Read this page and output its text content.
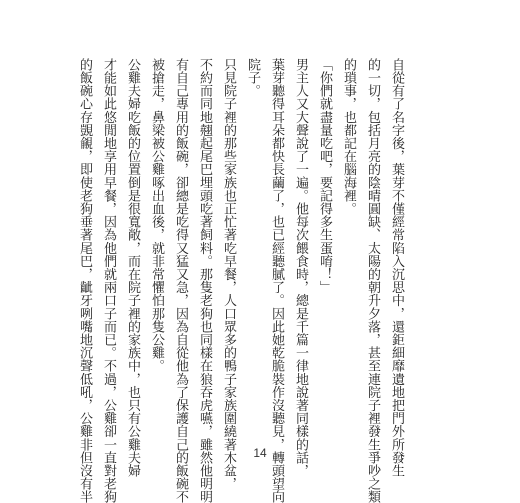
自從有了名字後，葉芽不僅經常陷入沉思中，還鉅細靡遺地把門外所發生
的一切，包括月亮的陰晴圓缺、太陽的朝升夕落，甚至連院子裡發生爭吵之類
的瑣事，也都記在腦海裡。

「你們就盡量吃吧，要記得多生蛋唷！」

男主人又大聲說了一遍。他每次餵食時，總是千篇一律地說著同樣的話，
葉芽聽得耳朵都快長繭了，也已經聽膩了。因此她乾脆裝作沒聽見，轉頭望向
院子。

只見院子裡的那些家族也正忙著吃早餐，人口眾多的鴨子家族圍繞著木盆，
不約而同地翹起尾巴埋頭吃著飼料。那隻老狗也同樣在狼吞虎嚥，雖然他明明
有自己專用的飯碗，卻總是吃得又猛又急，因為自從他為了保護自己的飯碗不
被搶走，鼻梁被公雞啄出血後，就非常懼怕那隻公雞。

公雞夫婦吃飯的位置倒是很寬敞，而在院子裡的家族中，也只有公雞夫婦
才能如此悠閒地享用早餐，因為他們就兩口子而已。不過，公雞卻一直對老狗
的飯碗心存覬覦，即使老狗垂著尾巴，齜牙咧嘴地沉聲低吼，公雞非但沒有半	14
